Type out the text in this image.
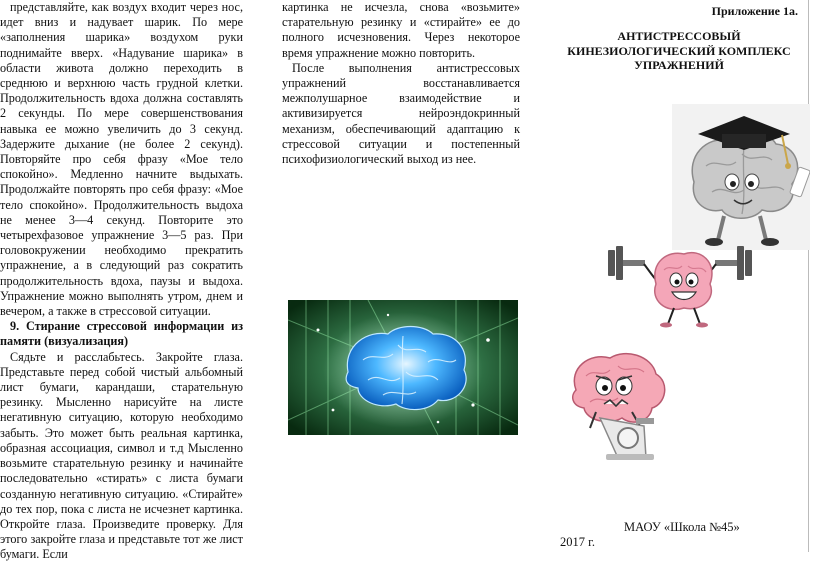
представляйте, как воздух входит через нос, идет вниз и надувает шарик. По мере «заполнения шарика» воздухом руки поднимайте вверх. «Надувание шарика» в области живота должно переходить в среднюю и верхнюю часть грудной клетки. Продолжительность вдоха должна составлять 2 секунды. По мере совершенствования навыка ее можно увеличить до 3 секунд. Задержите дыхание (не более 2 секунд). Повторяйте про себя фразу «Мое тело спокойно». Медленно начните выдыхать. Продолжайте повторять про себя фразу: «Мое тело спокойно». Продолжительность выдоха не менее 3—4 секунд. Повторите это четырехфазовое упражнение 3—5 раз. При головокружении необходимо прекратить упражнение, а в следующий раз сократить продолжительность вдоха, паузы и выдоха. Упражнение можно выполнять утром, днем и вечером, а также в стрессовой ситуации.

9. Стирание стрессовой информации из памяти (визуализация)

Сядьте и расслабьтесь. Закройте глаза. Представьте перед собой чистый альбомный лист бумаги, карандаши, старательную резинку. Мысленно нарисуйте на листе негативную ситуацию, которую необходимо забыть. Это может быть реальная картинка, образная ассоциация, символ и т.д Мысленно возьмите старательную резинку и начинайте последовательно «стирать» с листа бумаги созданную негативную ситуацию. «Стирайте» до тех пор, пока с листа не исчезнет картинка. Откройте глаза. Произведите проверку. Для этого закройте глаза и представьте тот же лист бумаги. Если

картинка не исчезла, снова «возьмите» старательную резинку и «стирайте» ее до полного исчезновения. Через некоторое время упражнение можно повторить.

После выполнения антистрессовых упражнений восстанавливается межполушарное взаимодействие и активизируется нейроэндокринный механизм, обеспечивающий адаптацию к стрессовой ситуации и постепенный психофизиологический выход из нее.

Приложение 1а.
АНТИСТРЕССОВЫЙ
КИНЕЗИОЛОГИЧЕСКИЙ КОМПЛЕКС
УПРАЖНЕНИЙ
МАОУ «Школа №45»
2017 г.
